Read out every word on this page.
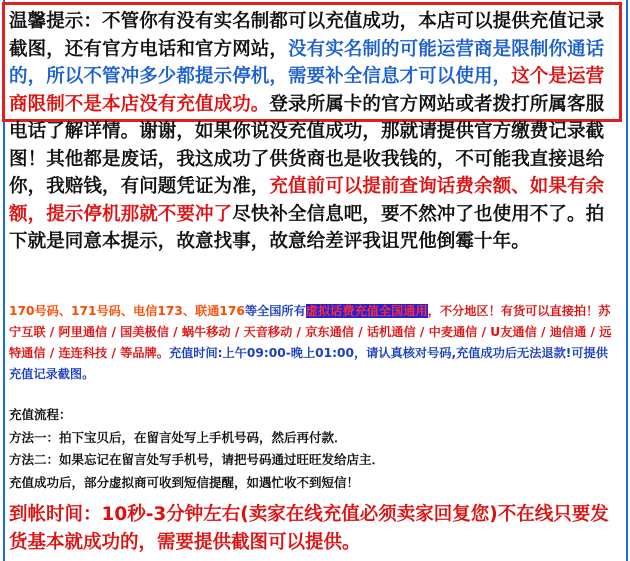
温馨提示：不管你有没有实名制都可以充值成功，本店可以提供充值记录截图，还有官方电话和官方网站，没有实名制的可能运营商是限制你通话的，所以不管冲多少都提示停机，需要补全信息才可以使用，这个是运营商限制不是本店没有充值成功。登录所属卡的官方网站或者拨打所属客服电话了解详情。谢谢，如果你说没充值成功，那就请提供官方缴费记录截图！其他都是废话，我这成功了供货商也是收我钱的，不可能我直接退给你，我赔钱，有问题凭证为准，充值前可以提前查询话费余额、如果有余额，提示停机那就不要冲了尽快补全信息吧，要不然冲了也使用不了。拍下就是同意本提示，故意找事，故意给差评我诅咒他倒霉十年。
170号码、171号码、电信173、联通176等全国所有虚拟话费充值全国通用，不分地区！有货可以直接拍！苏宁互联 / 阿里通信 / 国美极信 / 蜗牛移动 / 天音移动 / 京东通信 / 话机通信 / 中麦通信 / U友通信 / 迪信通 / 远特通信 / 连连科技 / 等品牌。充值时间:上午09:00-晚上01:00，请认真核对号码,充值成功后无法退款!可提供充值记录截图。
充值流程：
方法一：拍下宝贝后，在留言处写上手机号码，然后再付款．
方法二：如果忘记在留言处写手机号，请把号码通过旺旺发给店主．
充值成功后，部分虚拟商可收到短信提醒，如遇忙收不到短信！
到帐时间：10秒-3分钟左右(卖家在线充值必须卖家回复您)不在线只要发货基本就成功的，需要提供截图可以提供。
